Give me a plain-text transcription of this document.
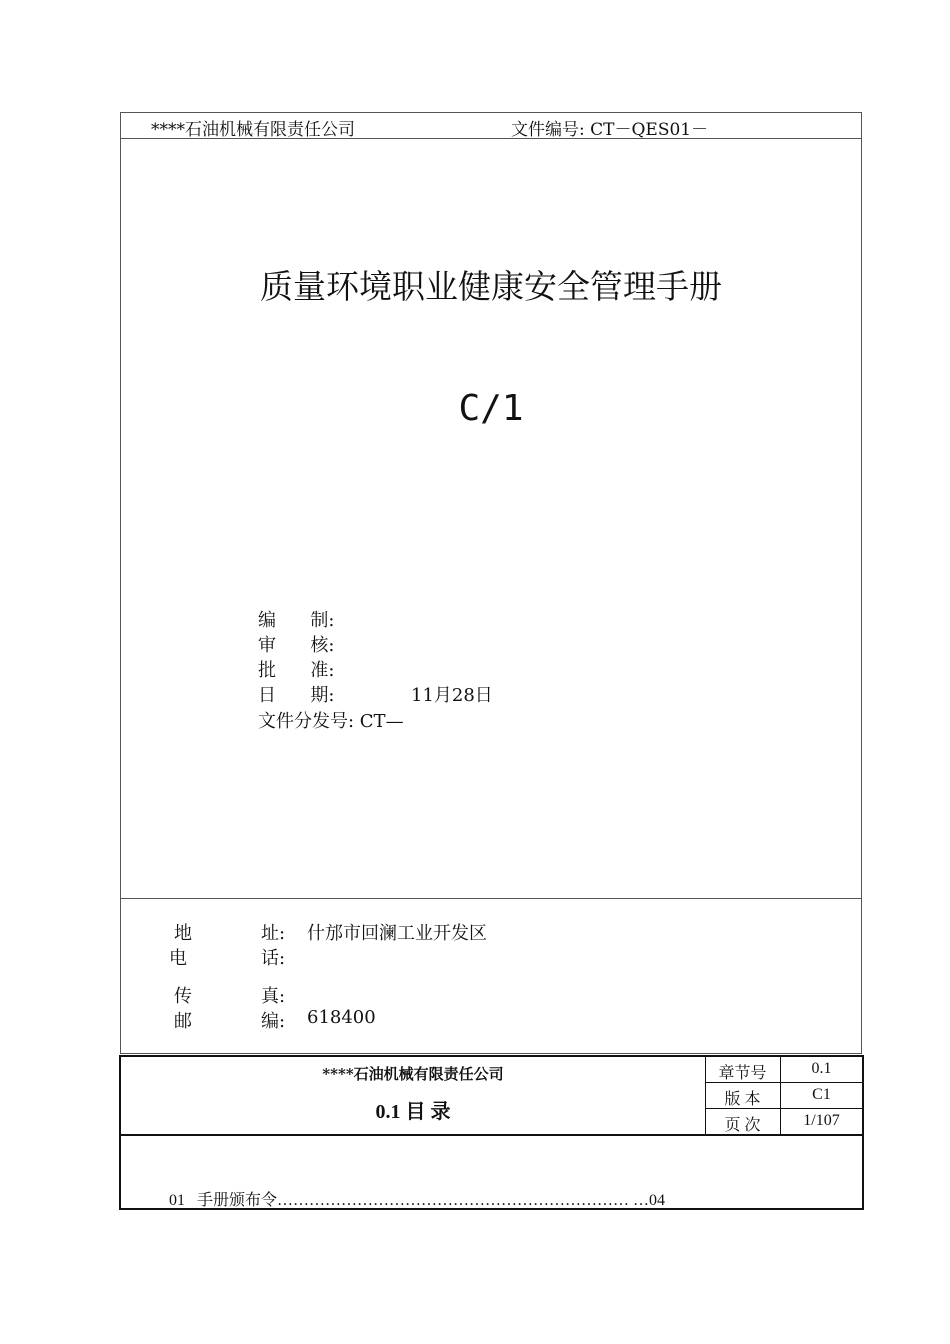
****石油机械有限责任公司	文件编号: CT－QES01－
质量环境职业健康安全管理手册
C/1
编      制:
审      核:
批      准:
日      期:	11月28日
文件分发号: CT—
地	址: 什邡市回澜工业开发区
电	话:
传	真:
邮	编: 618400
****石油机械有限责任公司
0.1 目 录
章节号	0.1
版 本	C1
页 次	1/107
01   手册颁布令………………………………………………………… …04
